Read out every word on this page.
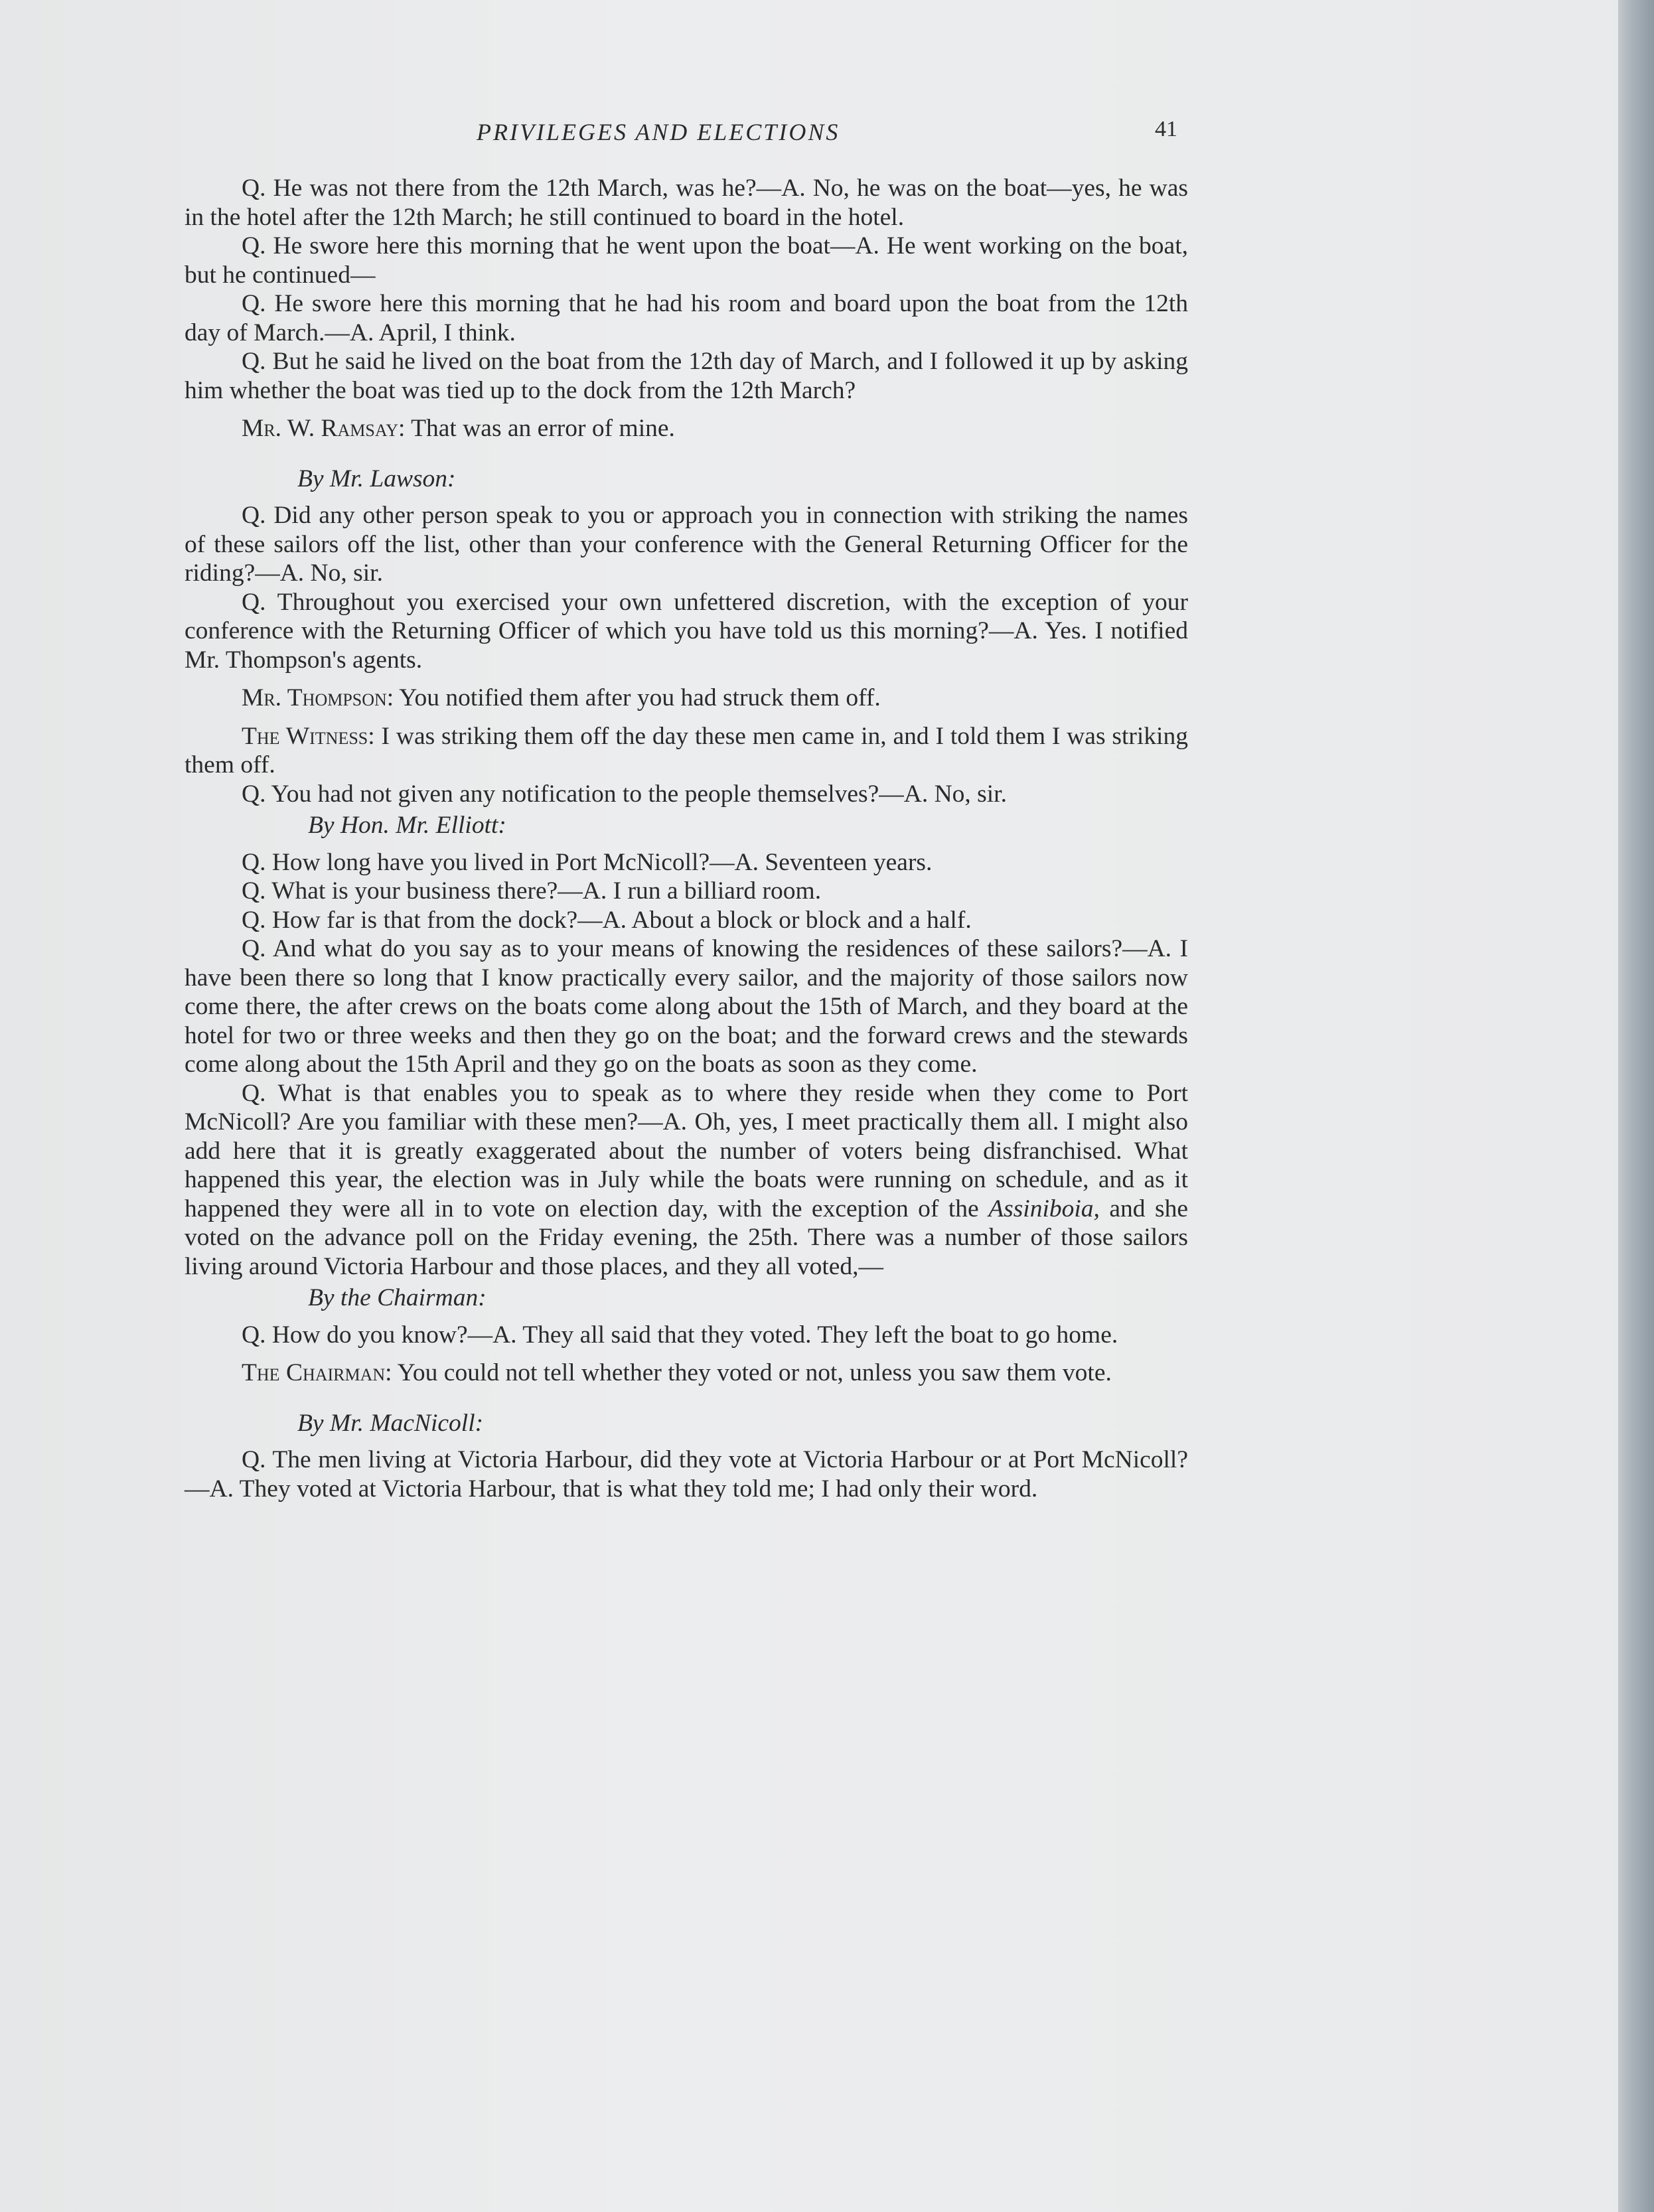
PRIVILEGES AND ELECTIONS	41

Q. He was not there from the 12th March, was he?—A. No, he was on the boat—yes, he was in the hotel after the 12th March; he still continued to board in the hotel.

Q. He swore here this morning that he went upon the boat—A. He went working on the boat, but he continued—

Q. He swore here this morning that he had his room and board upon the boat from the 12th day of March.—A. April, I think.

Q. But he said he lived on the boat from the 12th day of March, and I followed it up by asking him whether the boat was tied up to the dock from the 12th March?

Mr. W. Ramsay: That was an error of mine.

By Mr. Lawson:

Q. Did any other person speak to you or approach you in connection with striking the names of these sailors off the list, other than your conference with the General Returning Officer for the riding?—A. No, sir.

Q. Throughout you exercised your own unfettered discretion, with the exception of your conference with the Returning Officer of which you have told us this morning?—A. Yes. I notified Mr. Thompson's agents.

Mr. Thompson: You notified them after you had struck them off.

The Witness: I was striking them off the day these men came in, and I told them I was striking them off.

Q. You had not given any notification to the people themselves?—A. No, sir.

By Hon. Mr. Elliott:

Q. How long have you lived in Port McNicoll?—A. Seventeen years.

Q. What is your business there?—A. I run a billiard room.

Q. How far is that from the dock?—A. About a block or block and a half.

Q. And what do you say as to your means of knowing the residences of these sailors?—A. I have been there so long that I know practically every sailor, and the majority of those sailors now come there, the after crews on the boats come along about the 15th of March, and they board at the hotel for two or three weeks and then they go on the boat; and the forward crews and the stewards come along about the 15th April and they go on the boats as soon as they come.

Q. What is that enables you to speak as to where they reside when they come to Port McNicoll? Are you familiar with these men?—A. Oh, yes, I meet practically them all. I might also add here that it is greatly exaggerated about the number of voters being disfranchised. What happened this year, the election was in July while the boats were running on schedule, and as it happened they were all in to vote on election day, with the exception of the Assiniboia, and she voted on the advance poll on the Friday evening, the 25th. There was a number of those sailors living around Victoria Harbour and those places, and they all voted,—

By the Chairman:

Q. How do you know?—A. They all said that they voted. They left the boat to go home.

The Chairman: You could not tell whether they voted or not, unless you saw them vote.

By Mr. MacNicoll:

Q. The men living at Victoria Harbour, did they vote at Victoria Harbour or at Port McNicoll?—A. They voted at Victoria Harbour, that is what they told me; I had only their word.
